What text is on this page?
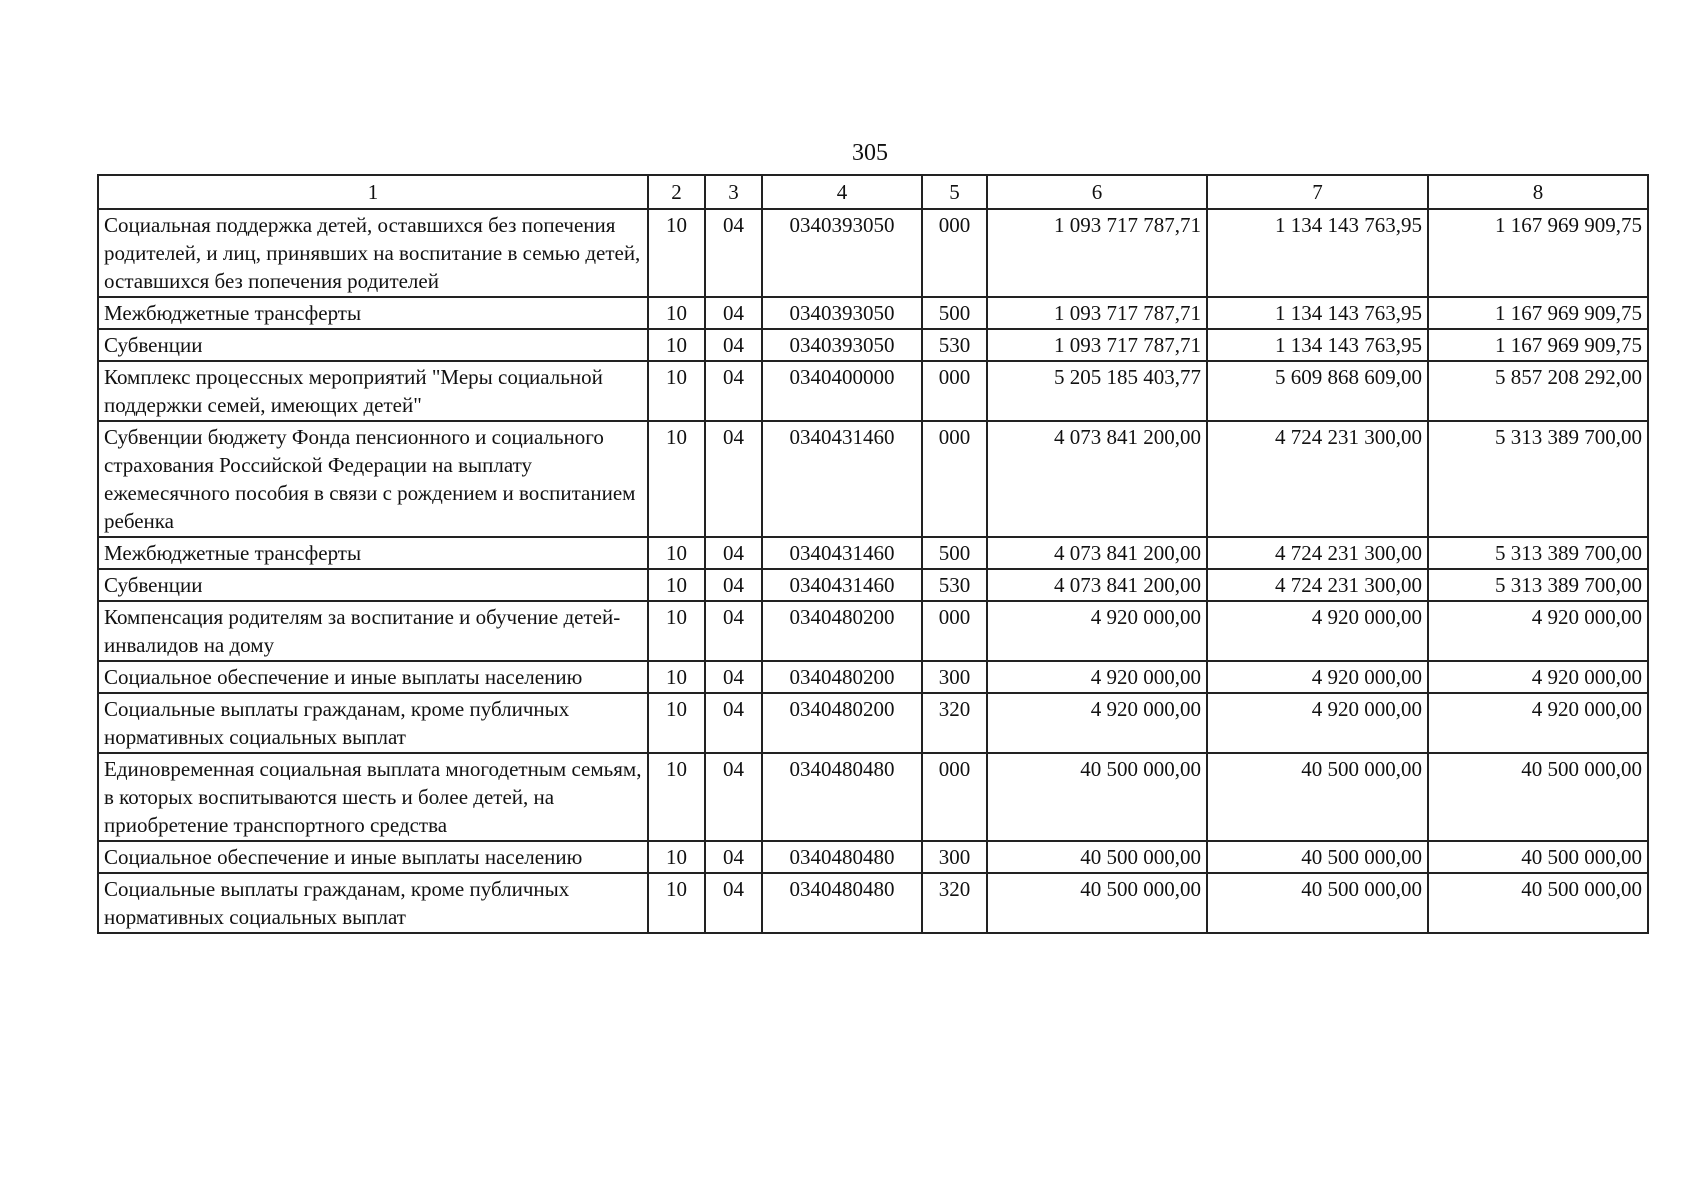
305
1	2	3	4	5	6	7	8
Социальная поддержка детей, оставшихся без попечения родителей, и лиц, принявших на воспитание в семью детей, оставшихся без попечения родителей	10	04	0340393050	000	1 093 717 787,71	1 134 143 763,95	1 167 969 909,75
Межбюджетные трансферты	10	04	0340393050	500	1 093 717 787,71	1 134 143 763,95	1 167 969 909,75
Субвенции	10	04	0340393050	530	1 093 717 787,71	1 134 143 763,95	1 167 969 909,75
Комплекс процессных мероприятий "Меры социальной поддержки семей, имеющих детей"	10	04	0340400000	000	5 205 185 403,77	5 609 868 609,00	5 857 208 292,00
Субвенции бюджету Фонда пенсионного и социального страхования Российской Федерации на выплату ежемесячного пособия в связи с рождением и воспитанием ребенка	10	04	0340431460	000	4 073 841 200,00	4 724 231 300,00	5 313 389 700,00
Межбюджетные трансферты	10	04	0340431460	500	4 073 841 200,00	4 724 231 300,00	5 313 389 700,00
Субвенции	10	04	0340431460	530	4 073 841 200,00	4 724 231 300,00	5 313 389 700,00
Компенсация родителям за воспитание и обучение детей-инвалидов на дому	10	04	0340480200	000	4 920 000,00	4 920 000,00	4 920 000,00
Социальное обеспечение и иные выплаты населению	10	04	0340480200	300	4 920 000,00	4 920 000,00	4 920 000,00
Социальные выплаты гражданам, кроме публичных нормативных социальных выплат	10	04	0340480200	320	4 920 000,00	4 920 000,00	4 920 000,00
Единовременная социальная выплата многодетным семьям, в которых воспитываются шесть и более детей, на приобретение транспортного средства	10	04	0340480480	000	40 500 000,00	40 500 000,00	40 500 000,00
Социальное обеспечение и иные выплаты населению	10	04	0340480480	300	40 500 000,00	40 500 000,00	40 500 000,00
Социальные выплаты гражданам, кроме публичных нормативных социальных выплат	10	04	0340480480	320	40 500 000,00	40 500 000,00	40 500 000,00
